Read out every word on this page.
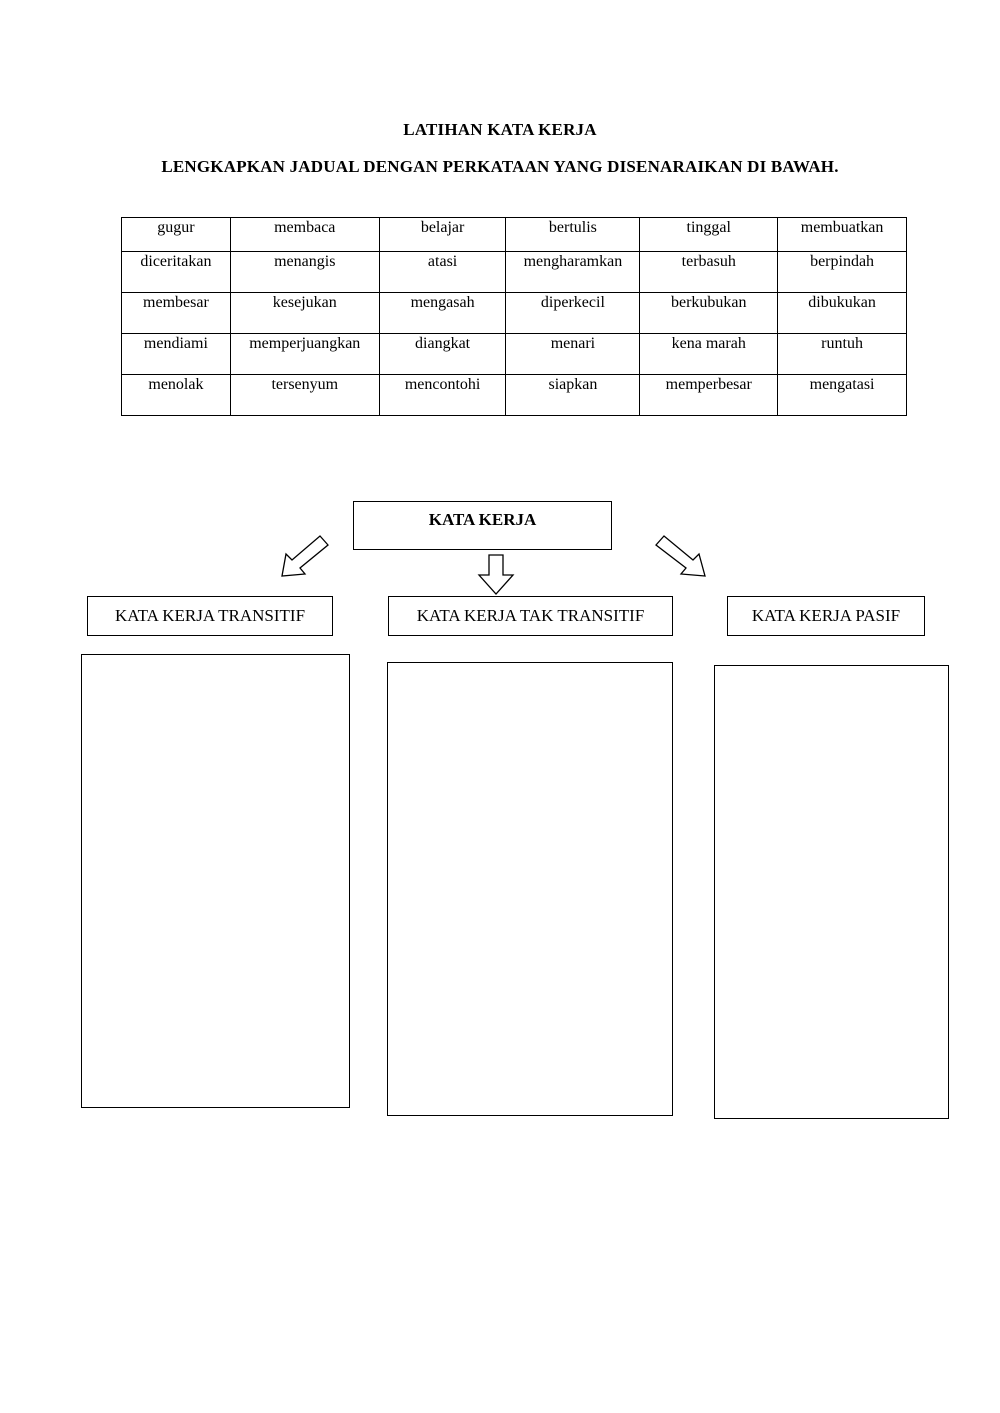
LATIHAN KATA KERJA
LENGKAPKAN JADUAL DENGAN PERKATAAN YANG DISENARAIKAN DI BAWAH.
gugur	membaca	belajar	bertulis	tinggal	membuatkan
diceritakan	menangis	atasi	mengharamkan	terbasuh	berpindah
membesar	kesejukan	mengasah	diperkecil	berkubukan	dibukukan
mendiami	memperjuangkan	diangkat	menari	kena marah	runtuh
menolak	tersenyum	mencontohi	siapkan	memperbesar	mengatasi
KATA KERJA
KATA KERJA TRANSITIF	KATA KERJA TAK TRANSITIF	KATA KERJA PASIF
